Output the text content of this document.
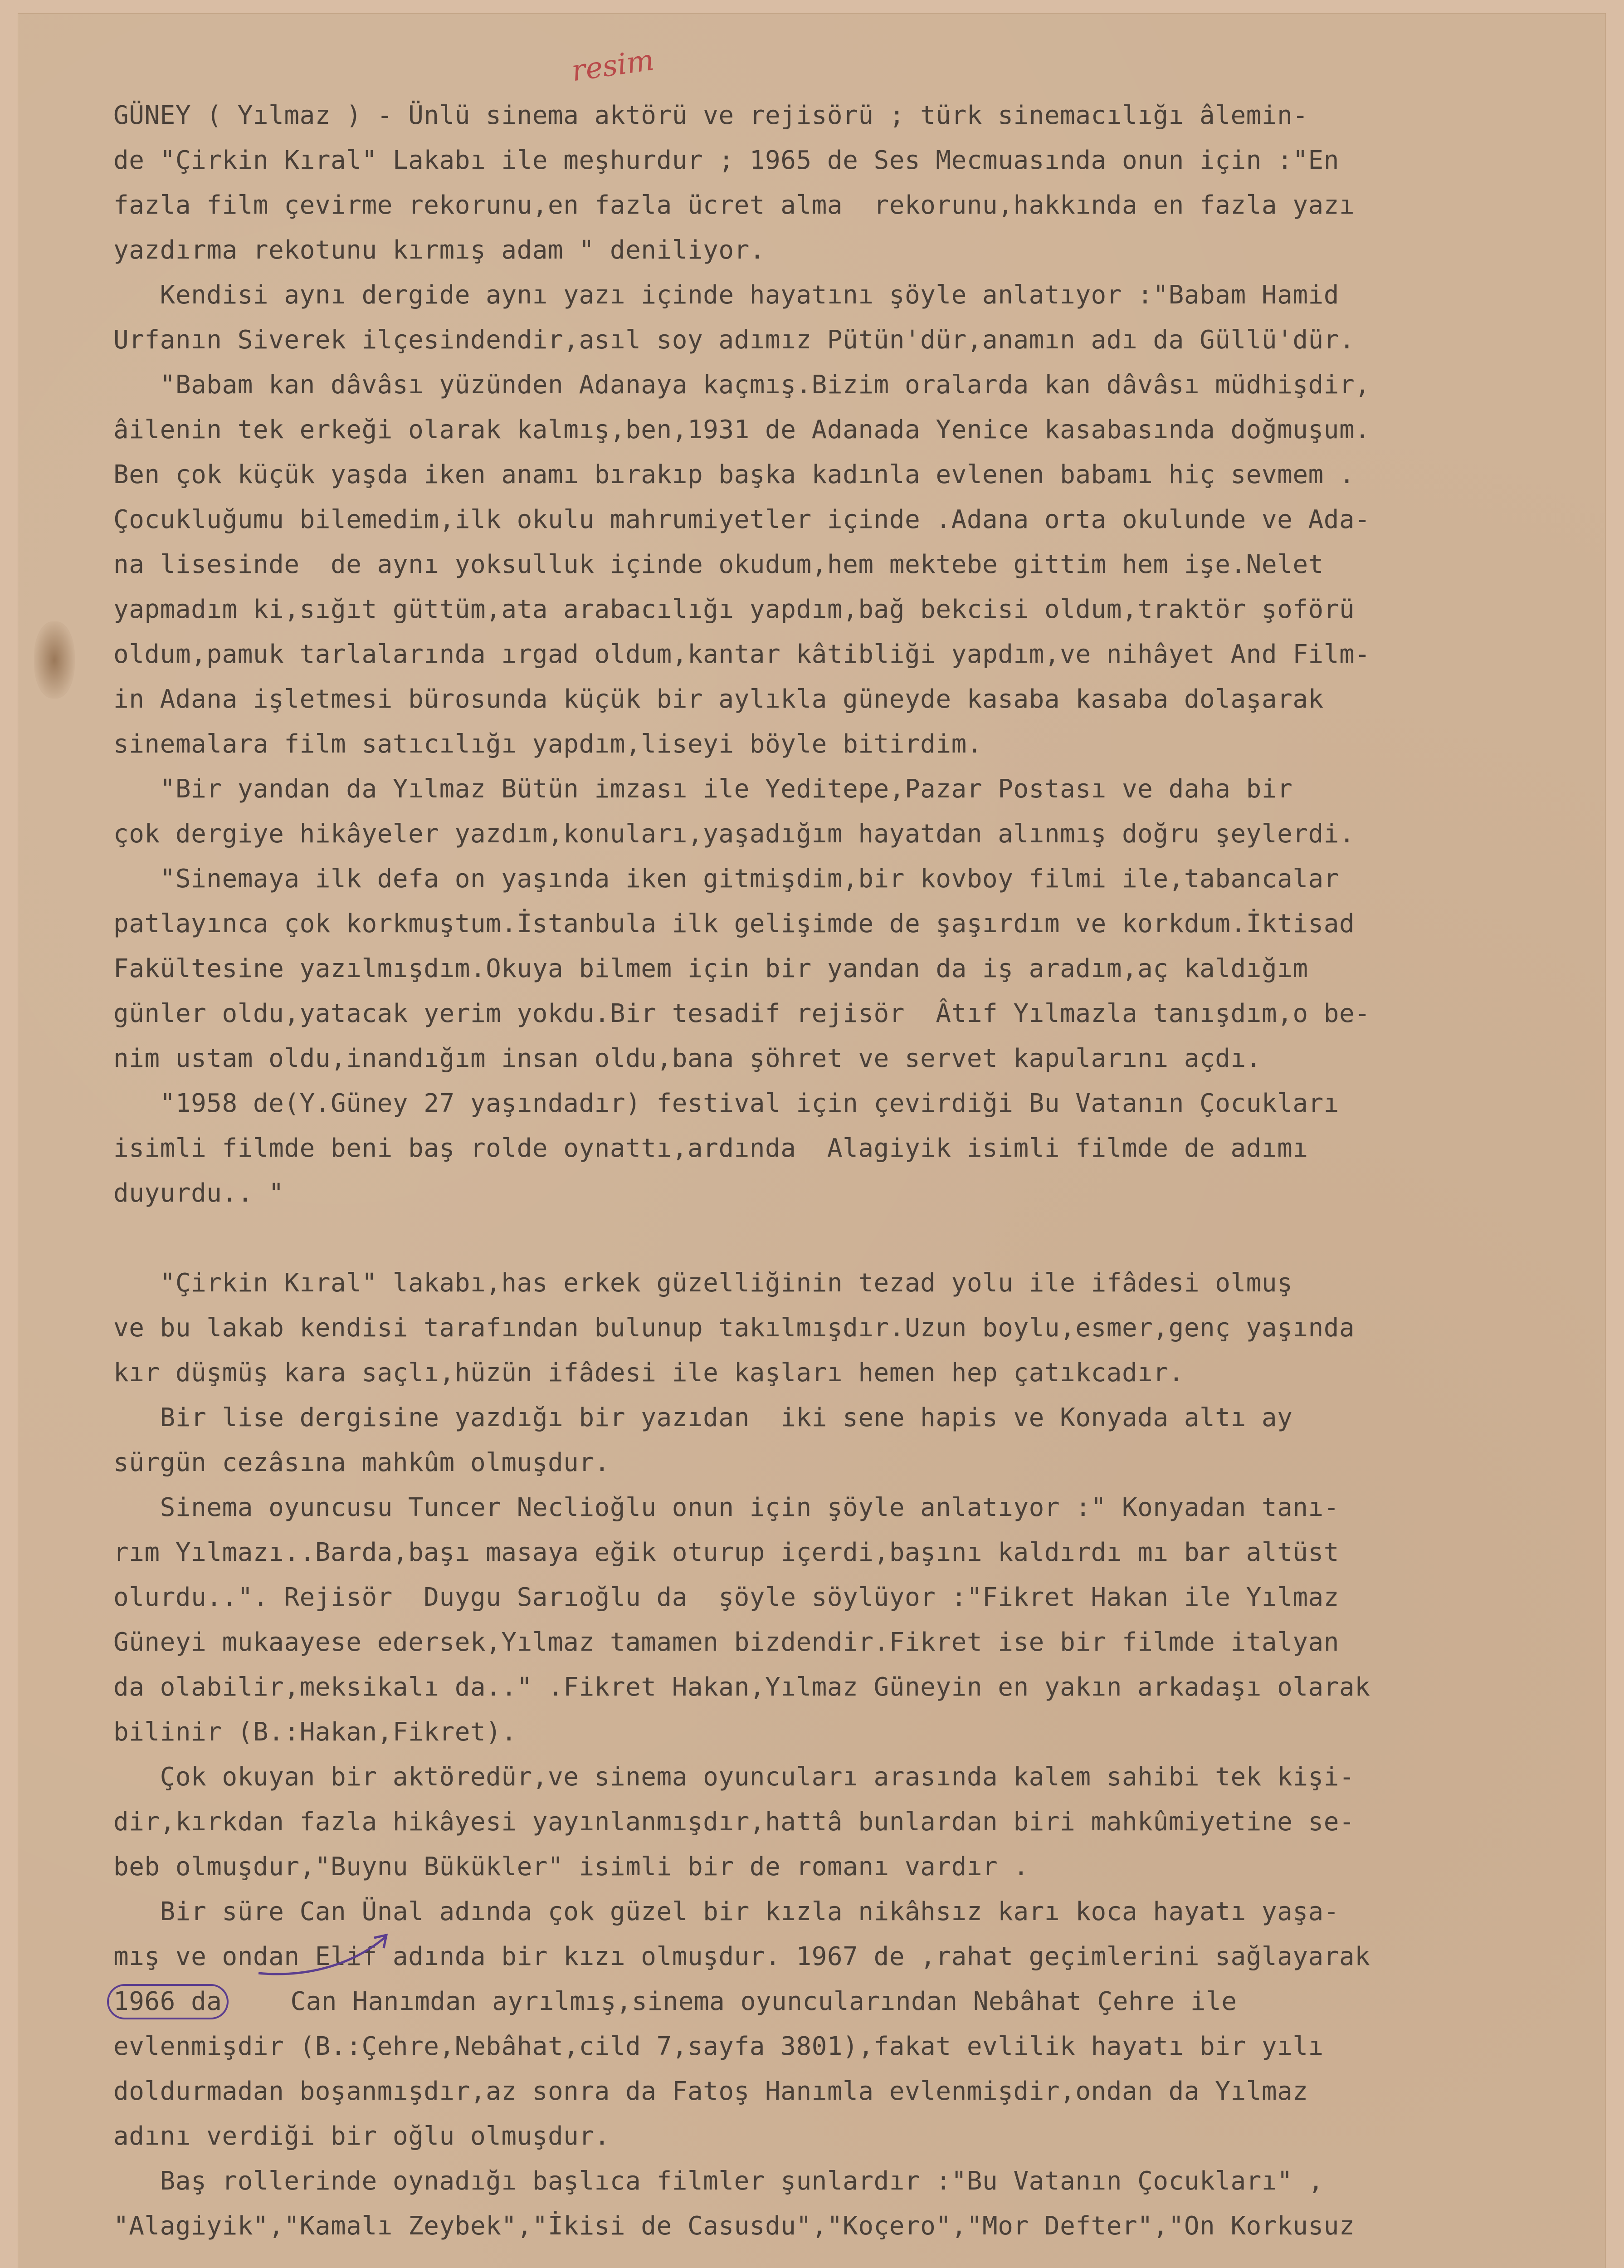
resim
GÜNEY ( Yılmaz ) - Ünlü sinema aktörü ve rejisörü ; türk sinemacılığı âlemin-
de "Çirkin Kıral" Lakabı ile meşhurdur ; 1965 de Ses Mecmuasında onun için :"En
fazla film çevirme rekorunu,en fazla ücret alma  rekorunu,hakkında en fazla yazı
yazdırma rekotunu kırmış adam " deniliyor.
Kendisi aynı dergide aynı yazı içinde hayatını şöyle anlatıyor :"Babam Hamid
Urfanın Siverek ilçesindendir,asıl soy adımız Pütün'dür,anamın adı da Güllü'dür.
"Babam kan dâvâsı yüzünden Adanaya kaçmış.Bizim oralarda kan dâvâsı müdhişdir,
âilenin tek erkeği olarak kalmış,ben,1931 de Adanada Yenice kasabasında doğmuşum.
Ben çok küçük yaşda iken anamı bırakıp başka kadınla evlenen babamı hiç sevmem .
Çocukluğumu bilemedim,ilk okulu mahrumiyetler içinde .Adana orta okulunde ve Ada-
na lisesinde  de aynı yoksulluk içinde okudum,hem mektebe gittim hem işe.Nelet
yapmadım ki,sığıt güttüm,ata arabacılığı yapdım,bağ bekcisi oldum,traktör şoförü
oldum,pamuk tarlalarında ırgad oldum,kantar kâtibliği yapdım,ve nihâyet And Film-
in Adana işletmesi bürosunda küçük bir aylıkla güneyde kasaba kasaba dolaşarak
sinemalara film satıcılığı yapdım,liseyi böyle bitirdim.
"Bir yandan da Yılmaz Bütün imzası ile Yeditepe,Pazar Postası ve daha bir
çok dergiye hikâyeler yazdım,konuları,yaşadığım hayatdan alınmış doğru şeylerdi.
"Sinemaya ilk defa on yaşında iken gitmişdim,bir kovboy filmi ile,tabancalar
patlayınca çok korkmuştum.İstanbula ilk gelişimde de şaşırdım ve korkdum.İktisad
Fakültesine yazılmışdım.Okuya bilmem için bir yandan da iş aradım,aç kaldığım
günler oldu,yatacak yerim yokdu.Bir tesadif rejisör  Âtıf Yılmazla tanışdım,o be-
nim ustam oldu,inandığım insan oldu,bana şöhret ve servet kapularını açdı.
"1958 de(Y.Güney 27 yaşındadır) festival için çevirdiği Bu Vatanın Çocukları
isimli filmde beni baş rolde oynattı,ardında  Alagiyik isimli filmde de adımı
duyurdu.. "
"Çirkin Kıral" lakabı,has erkek güzelliğinin tezad yolu ile ifâdesi olmuş
ve bu lakab kendisi tarafından bulunup takılmışdır.Uzun boylu,esmer,genç yaşında
kır düşmüş kara saçlı,hüzün ifâdesi ile kaşları hemen hep çatıkcadır.
Bir lise dergisine yazdığı bir yazıdan  iki sene hapis ve Konyada altı ay
sürgün cezâsına mahkûm olmuşdur.
Sinema oyuncusu Tuncer Neclioğlu onun için şöyle anlatıyor :" Konyadan tanı-
rım Yılmazı..Barda,başı masaya eğik oturup içerdi,başını kaldırdı mı bar altüst
olurdu..". Rejisör  Duygu Sarıoğlu da  şöyle söylüyor :"Fikret Hakan ile Yılmaz
Güneyi mukaayese edersek,Yılmaz tamamen bizdendir.Fikret ise bir filmde italyan
da olabilir,meksikalı da.." .Fikret Hakan,Yılmaz Güneyin en yakın arkadaşı olarak
bilinir (B.:Hakan,Fikret).
Çok okuyan bir aktöredür,ve sinema oyuncuları arasında kalem sahibi tek kişi-
dir,kırkdan fazla hikâyesi yayınlanmışdır,hattâ bunlardan biri mahkûmiyetine se-
beb olmuşdur,"Buynu Bükükler" isimli bir de romanı vardır .
Bir süre Can Ünal adında çok güzel bir kızla nikâhsız karı koca hayatı yaşa-
mış ve ondan Elif adında bir kızı olmuşdur. 1967 de ,rahat geçimlerini sağlayarak
1966 da    Can Hanımdan ayrılmış,sinema oyuncularından Nebâhat Çehre ile
evlenmişdir (B.:Çehre,Nebâhat,cild 7,sayfa 3801),fakat evlilik hayatı bir yılı
doldurmadan boşanmışdır,az sonra da Fatoş Hanımla evlenmişdir,ondan da Yılmaz
adını verdiği bir oğlu olmuşdur.
Baş rollerinde oynadığı başlıca filmler şunlardır :"Bu Vatanın Çocukları" ,
"Alagiyik","Kamalı Zeybek","İkisi de Casusdu","Koçero","Mor Defter","On Korkusuz
